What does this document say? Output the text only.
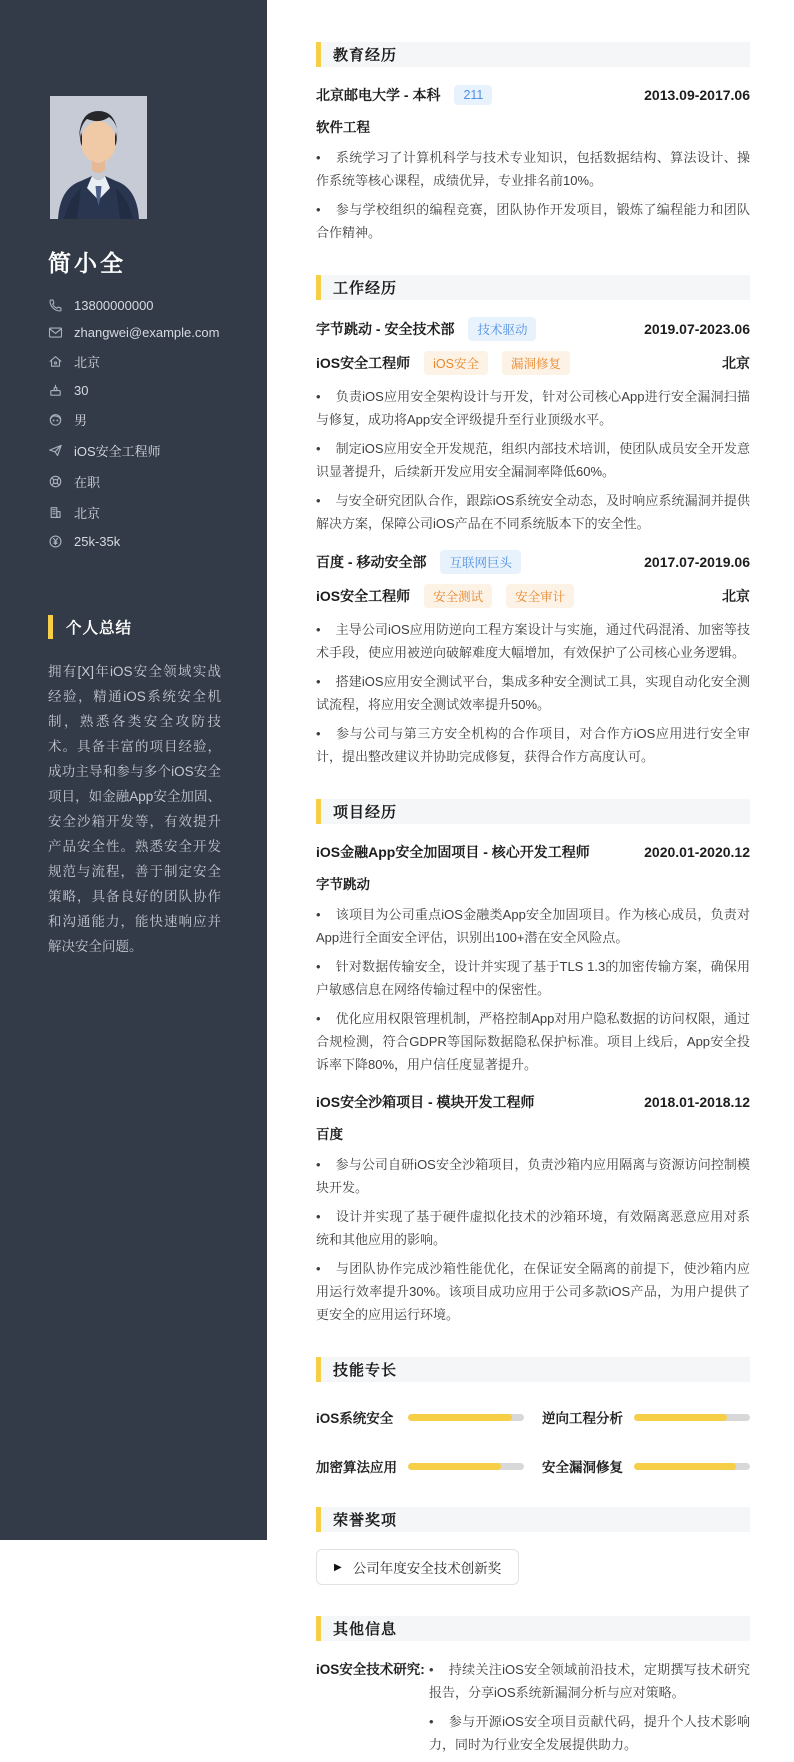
简小全
13800000000
zhangwei@example.com
北京
30
男
iOS安全工程师
在职
北京
25k-35k
个人总结

拥有[X]年iOS安全领域实战经验，精通iOS系统安全机制，熟悉各类安全攻防技术。具备丰富的项目经验，成功主导和参与多个iOS安全项目，如金融App安全加固、安全沙箱开发等，有效提升产品安全性。熟悉安全开发规范与流程，善于制定安全策略，具备良好的团队协作和沟通能力，能快速响应并解决安全问题。

教育经历
北京邮电大学 - 本科	211	2013.09-2017.06
软件工程

• 系统学习了计算机科学与技术专业知识，包括数据结构、算法设计、操作系统等核心课程，成绩优异，专业排名前10%。

• 参与学校组织的编程竞赛，团队协作开发项目，锻炼了编程能力和团队合作精神。

工作经历
字节跳动 - 安全技术部	技术驱动	2019.07-2023.06
iOS安全工程师	iOS安全	漏洞修复	北京

• 负责iOS应用安全架构设计与开发，针对公司核心App进行安全漏洞扫描与修复，成功将App安全评级提升至行业顶级水平。

• 制定iOS应用安全开发规范，组织内部技术培训，使团队成员安全开发意识显著提升，后续新开发应用安全漏洞率降低60%。

• 与安全研究团队合作，跟踪iOS系统安全动态，及时响应系统漏洞并提供解决方案，保障公司iOS产品在不同系统版本下的安全性。

百度 - 移动安全部	互联网巨头	2017.07-2019.06
iOS安全工程师	安全测试	安全审计	北京

• 主导公司iOS应用防逆向工程方案设计与实施，通过代码混淆、加密等技术手段，使应用被逆向破解难度大幅增加，有效保护了公司核心业务逻辑。

• 搭建iOS应用安全测试平台，集成多种安全测试工具，实现自动化安全测试流程，将应用安全测试效率提升50%。

• 参与公司与第三方安全机构的合作项目，对合作方iOS应用进行安全审计，提出整改建议并协助完成修复，获得合作方高度认可。

项目经历
iOS金融App安全加固项目 - 核心开发工程师	2020.01-2020.12
字节跳动

• 该项目为公司重点iOS金融类App安全加固项目。作为核心成员，负责对App进行全面安全评估，识别出100+潜在安全风险点。

• 针对数据传输安全，设计并实现了基于TLS 1.3的加密传输方案，确保用户敏感信息在网络传输过程中的保密性。

• 优化应用权限管理机制，严格控制App对用户隐私数据的访问权限，通过合规检测，符合GDPR等国际数据隐私保护标准。项目上线后，App安全投诉率下降80%，用户信任度显著提升。

iOS安全沙箱项目 - 模块开发工程师	2018.01-2018.12
百度

• 参与公司自研iOS安全沙箱项目，负责沙箱内应用隔离与资源访问控制模块开发。

• 设计并实现了基于硬件虚拟化技术的沙箱环境，有效隔离恶意应用对系统和其他应用的影响。

• 与团队协作完成沙箱性能优化，在保证安全隔离的前提下，使沙箱内应用运行效率提升30%。该项目成功应用于公司多款iOS产品，为用户提供了更安全的应用运行环境。

技能专长
iOS系统安全	逆向工程分析
加密算法应用	安全漏洞修复
荣誉奖项
▶ 公司年度安全技术创新奖
其他信息
iOS安全技术研究: • 持续关注iOS安全领域前沿技术，定期撰写技术研究报告，分享iOS系统新漏洞分析与应对策略。

• 参与开源iOS安全项目贡献代码，提升个人技术影响力，同时为行业安全发展提供助力。
